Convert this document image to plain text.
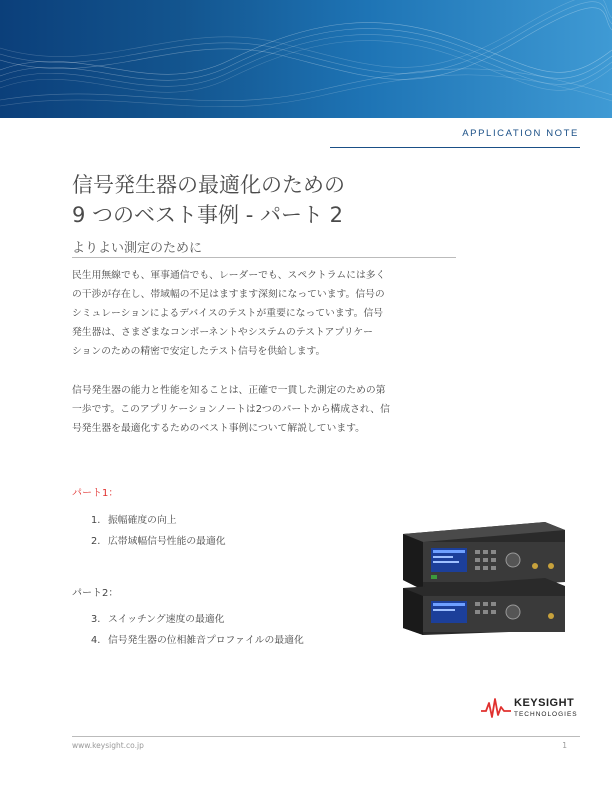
APPLICATION NOTE
信号発生器の最適化のための
9 つのベスト事例 - パート 2
よりよい測定のために

民生用無線でも、軍事通信でも、レーダーでも、スペクトラムには多く
の干渉が存在し、帯域幅の不足はますます深刻になっています。信号の
シミュレーションによるデバイスのテストが重要になっています。信号
発生器は、さまざまなコンポーネントやシステムのテストアプリケー
ションのための精密で安定したテスト信号を供給します。

信号発生器の能力と性能を知ることは、正確で一貫した測定のための第
一歩です。このアプリケーションノートは2つのパートから構成され、信
号発生器を最適化するためのベスト事例について解説しています。

パート1：
1. 振幅確度の向上
2. 広帯域幅信号性能の最適化
パート2：
3. スイッチング速度の最適化
4. 信号発生器の位相雑音プロファイルの最適化
KEYSIGHT
TECHNOLOGIES
www.keysight.co.jp	1
